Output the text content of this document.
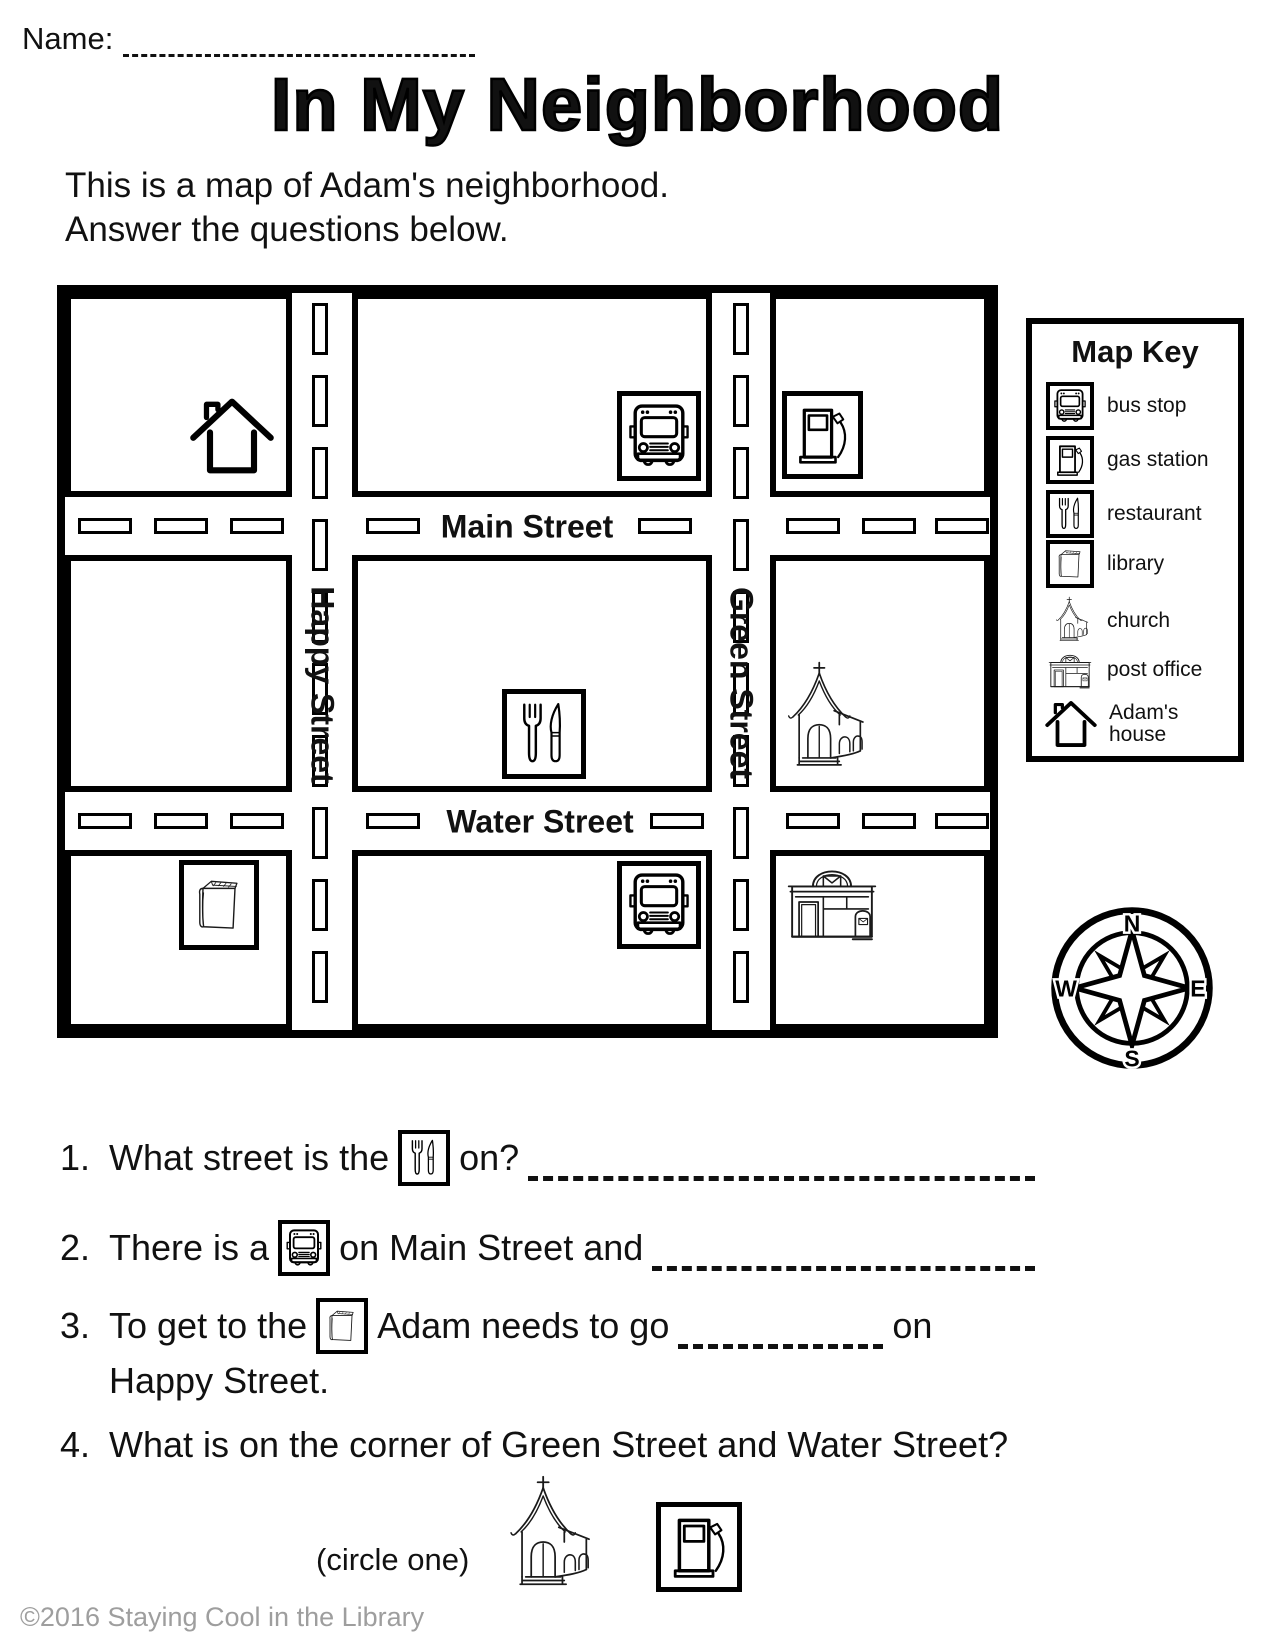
Name:
In My Neighborhood
This is a map of Adam's neighborhood.
Answer the questions below.
Main Street
Water Street
Happy Street	Green Street
Map Key
bus stop
gas station
restaurant
library
church
post office
Adam's house
N
E
S
W
1. What street is the on?
2. There is a on Main Street and
3. To get to the Adam needs to go	on
Happy Street.
4. What is on the corner of Green Street and Water Street?
(circle one)
©2016 Staying Cool in the Library
